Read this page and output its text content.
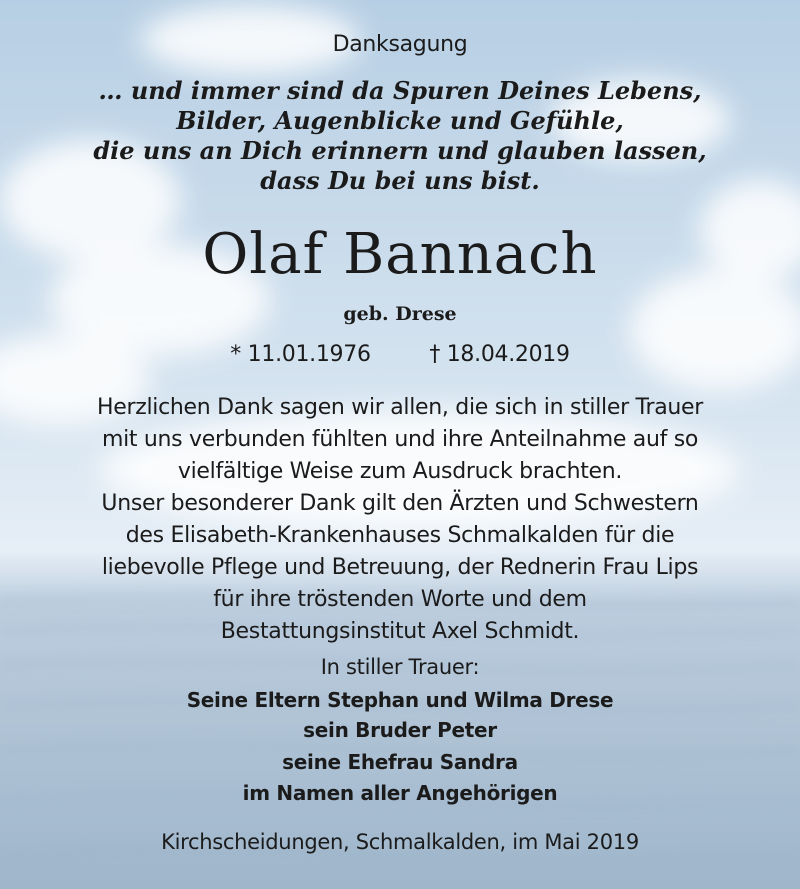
Danksagung
… und immer sind da Spuren Deines Lebens,
Bilder, Augenblicke und Gefühle,
die uns an Dich erinnern und glauben lassen,
dass Du bei uns bist.
Olaf Bannach
geb. Drese
* 11.01.1976	† 18.04.2019
Herzlichen Dank sagen wir allen, die sich in stiller Trauer
mit uns verbunden fühlten und ihre Anteilnahme auf so
vielfältige Weise zum Ausdruck brachten.
Unser besonderer Dank gilt den Ärzten und Schwestern
des Elisabeth-Krankenhauses Schmalkalden für die
liebevolle Pflege und Betreuung, der Rednerin Frau Lips
für ihre tröstenden Worte und dem
Bestattungsinstitut Axel Schmidt.
In stiller Trauer:
Seine Eltern Stephan und Wilma Drese
sein Bruder Peter
seine Ehefrau Sandra
im Namen aller Angehörigen
Kirchscheidungen, Schmalkalden, im Mai 2019
